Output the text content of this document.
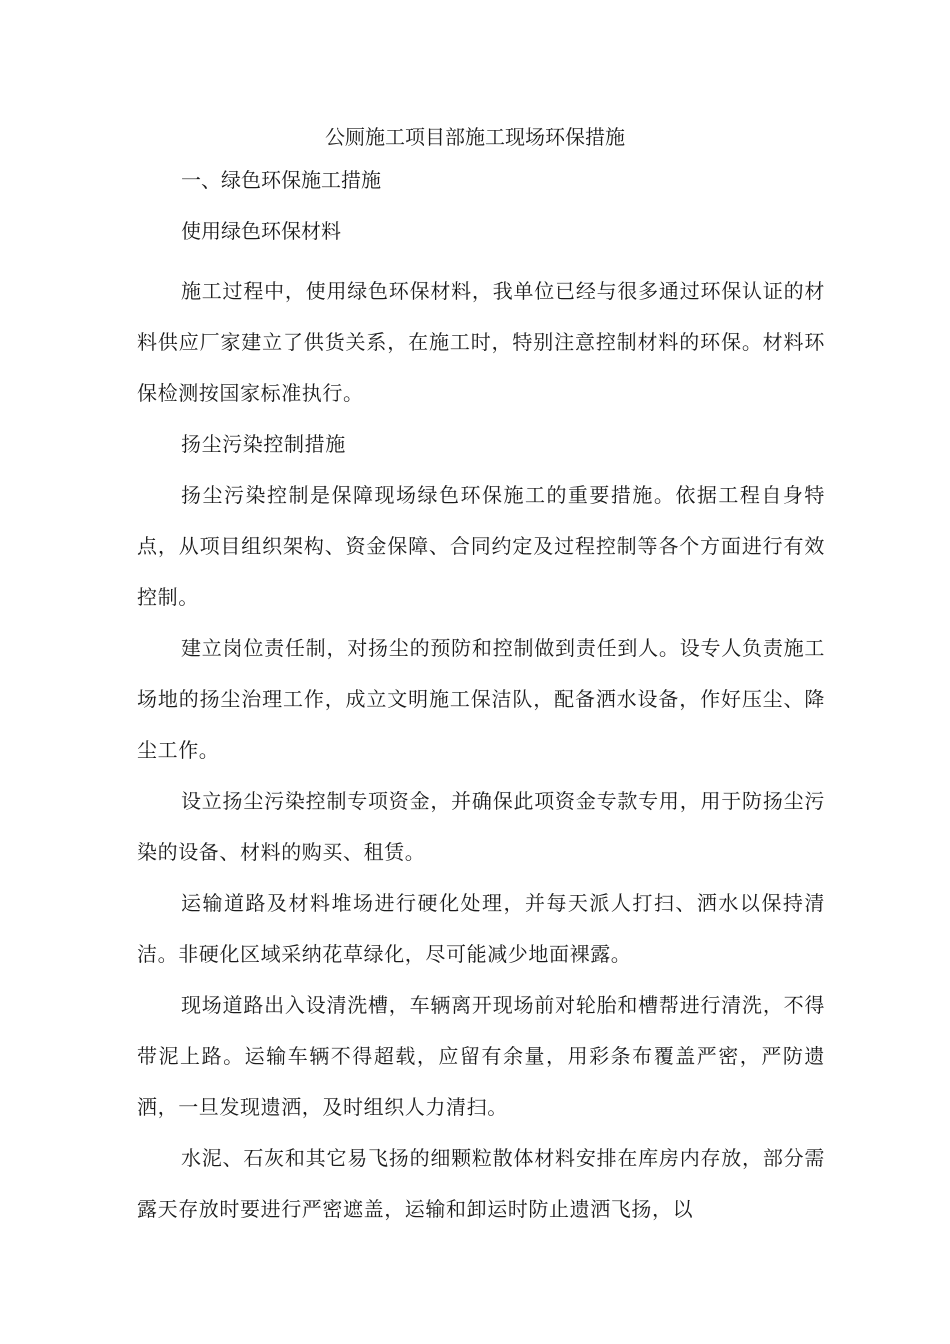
公厕施工项目部施工现场环保措施
一、绿色环保施工措施
使用绿色环保材料

施工过程中，使用绿色环保材料，我单位已经与很多通过环保认证的材料供应厂家建立了供货关系，在施工时，特别注意控制材料的环保。材料环保检测按国家标准执行。

扬尘污染控制措施

扬尘污染控制是保障现场绿色环保施工的重要措施。依据工程自身特点，从项目组织架构、资金保障、合同约定及过程控制等各个方面进行有效控制。

建立岗位责任制，对扬尘的预防和控制做到责任到人。设专人负责施工场地的扬尘治理工作，成立文明施工保洁队，配备洒水设备，作好压尘、降尘工作。

设立扬尘污染控制专项资金，并确保此项资金专款专用，用于防扬尘污染的设备、材料的购买、租赁。

运输道路及材料堆场进行硬化处理，并每天派人打扫、洒水以保持清洁。非硬化区域采纳花草绿化，尽可能减少地面裸露。

现场道路出入设清洗槽，车辆离开现场前对轮胎和槽帮进行清洗，不得带泥上路。运输车辆不得超载，应留有余量，用彩条布覆盖严密，严防遗洒，一旦发现遗洒，及时组织人力清扫。

水泥、石灰和其它易飞扬的细颗粒散体材料安排在库房内存放，部分需露天存放时要进行严密遮盖，运输和卸运时防止遗洒飞扬，以
